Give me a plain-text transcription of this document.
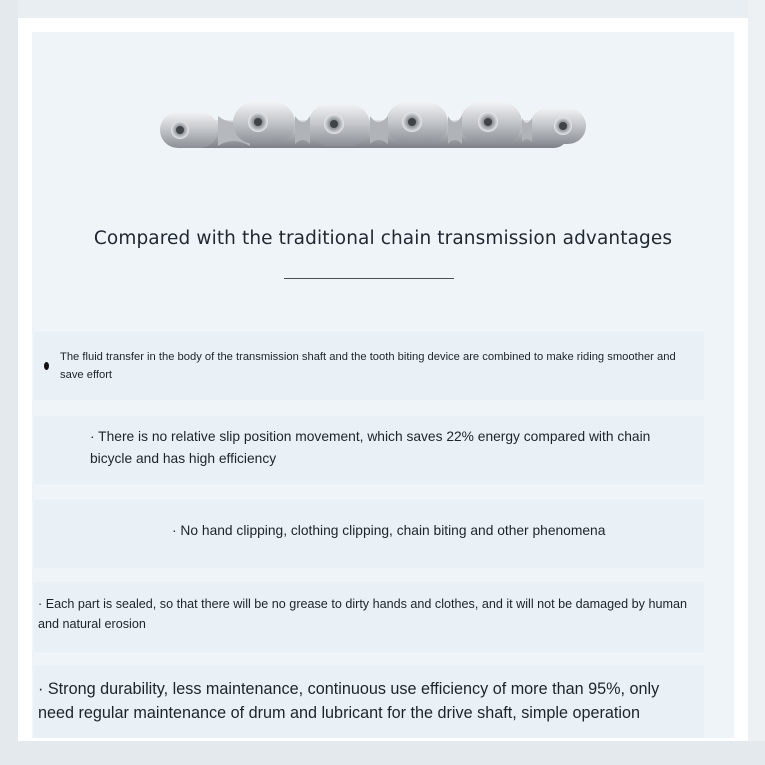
Compared with the traditional chain transmission advantages
The fluid transfer in the body of the transmission shaft and the tooth biting device are combined to make riding smoother and save effort
· There is no relative slip position movement, which saves 22% energy compared with chain bicycle and has high efficiency
· No hand clipping, clothing clipping, chain biting and other phenomena
· Each part is sealed, so that there will be no grease to dirty hands and clothes, and it will not be damaged by human and natural erosion
· Strong durability, less maintenance, continuous use efficiency of more than 95%, only need regular maintenance of drum and lubricant for the drive shaft, simple operation
